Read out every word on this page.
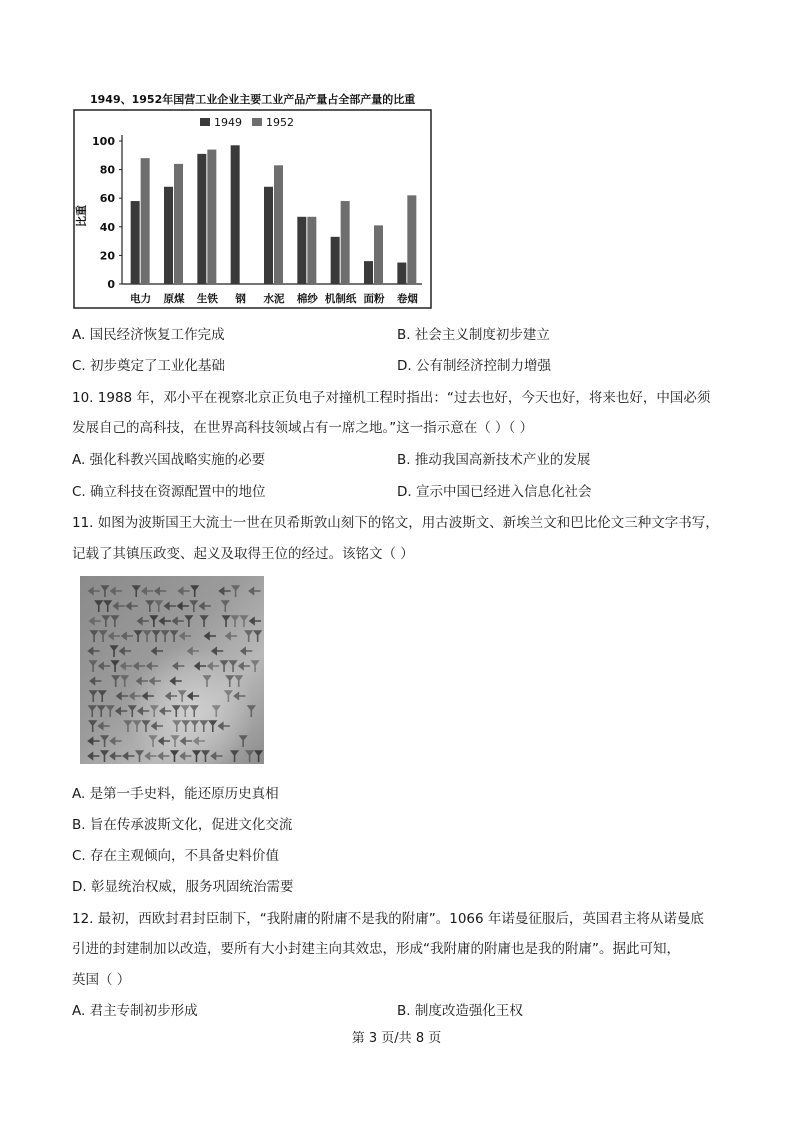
1949、1952年国营工业企业主要工业产品产量占全部产量的比重
0
20
40
60
80
100
比重
1949 1952
电力 原煤 生铁 钢 水泥 棉纱 机制纸 面粉 卷烟
A. 国民经济恢复工作完成	B. 社会主义制度初步建立
C. 初步奠定了工业化基础	D. 公有制经济控制力增强
10. 1988 年，邓小平在视察北京正负电子对撞机工程时指出：“过去也好，今天也好，将来也好，中国必须
发展自己的高科技，在世界高科技领域占有一席之地。”这一指示意在（ ）（ ）
A. 强化科教兴国战略实施的必要	B. 推动我国高新技术产业的发展
C. 确立科技在资源配置中的地位	D. 宣示中国已经进入信息化社会
11. 如图为波斯国王大流士一世在贝希斯敦山刻下的铭文，用古波斯文、新埃兰文和巴比伦文三种文字书写，
记载了其镇压政变、起义及取得王位的经过。该铭文（ ）
A. 是第一手史料，能还原历史真相
B. 旨在传承波斯文化，促进文化交流
C. 存在主观倾向，不具备史料价值
D. 彰显统治权威，服务巩固统治需要
12. 最初，西欧封君封臣制下，“我附庸的附庸不是我的附庸”。1066 年诺曼征服后，英国君主将从诺曼底
引进的封建制加以改造，要所有大小封建主向其效忠，形成“我附庸的附庸也是我的附庸”。据此可知，
英国（ ）
A. 君主专制初步形成	B. 制度改造强化王权
第 3 页/共 8 页
